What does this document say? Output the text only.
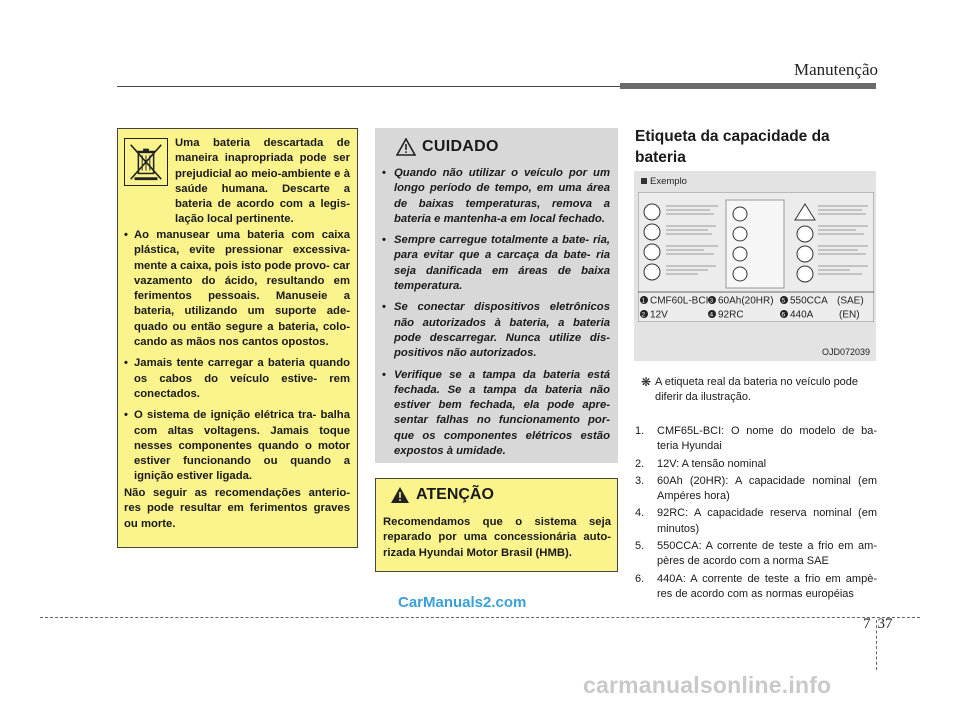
Manutenção
Uma bateria descartada de maneira inapropriada pode ser prejudicial ao meio-ambiente e à saúde humana. Descarte a bateria de acordo com a legis- lação local pertinente.
• Ao manusear uma bateria com caixa plástica, evite pressionar excessiva- mente a caixa, pois isto pode provo- car vazamento do ácido, resultando em ferimentos pessoais. Manuseie a bateria, utilizando um suporte ade- quado ou então segure a bateria, colo- cando as mãos nos cantos opostos.
• Jamais tente carregar a bateria quando os cabos do veículo estive- rem conectados.
• O sistema de ignição elétrica tra- balha com altas voltagens. Jamais toque nesses componentes quando o motor estiver funcionando ou quando a ignição estiver ligada.
Não seguir as recomendações anterio- res pode resultar em ferimentos graves ou morte.
CUIDADO
• Quando não utilizar o veículo por um longo período de tempo, em uma área de baixas temperaturas, remova a bateria e mantenha-a em local fechado.
• Sempre carregue totalmente a bate- ria, para evitar que a carcaça da bate- ria seja danificada em áreas de baixa temperatura.
• Se conectar dispositivos eletrônicos não autorizados à bateria, a bateria pode descarregar. Nunca utilize dis- positivos não autorizados.
• Verifique se a tampa da bateria está fechada. Se a tampa da bateria não estiver bem fechada, ela pode apre- sentar falhas no funcionamento por- que os componentes elétricos estão expostos à umidade.
ATENÇÃO
Recomendamos que o sistema seja reparado por uma concessionária auto- rizada Hyundai Motor Brasil (HMB).
Etiqueta da capacidade da bateria
Exemplo
1 CMF60L-BCI 3 60Ah(20HR) 5 550CCA (SAE)
2 12V	4 92RC	6 440A	(EN)
OJD072039
❋ A etiqueta real da bateria no veículo pode diferir da ilustração.
1. CMF65L-BCI: O nome do modelo de ba- teria Hyundai
2. 12V: A tensão nominal
3. 60Ah (20HR): A capacidade nominal (em Ampéres hora)
4. 92RC: A capacidade reserva nominal (em minutos)
5. 550CCA: A corrente de teste a frio em am- pères de acordo com a norma SAE
6. 440A: A corrente de teste a frio em ampè- res de acordo com as normas européias
7 37
CarManuals2.com
carmanualsonline.info
